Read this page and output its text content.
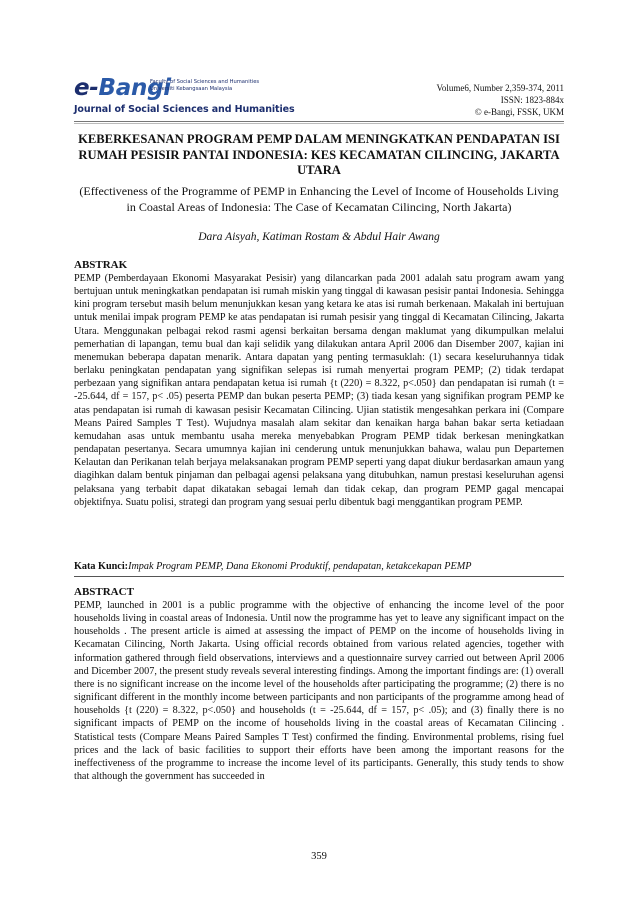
e-Bangi
Faculty of Social Sciences and Humanities
Universiti Kebangsaan Malaysia
Journal of Social Sciences and Humanities
Volume6, Number 2,359-374, 2011
ISSN: 1823-884x
© e-Bangi, FSSK, UKM
KEBERKESANAN PROGRAM PEMP DALAM MENINGKATKAN PENDAPATAN ISI RUMAH PESISIR PANTAI INDONESIA: KES KECAMATAN CILINCING, JAKARTA UTARA
(Effectiveness of the Programme of PEMP in Enhancing the Level of Income of Households Living in Coastal Areas of Indonesia: The Case of Kecamatan Cilincing, North Jakarta)
Dara Aisyah, Katiman Rostam & Abdul Hair Awang
ABSTRAK
PEMP (Pemberdayaan Ekonomi Masyarakat Pesisir) yang dilancarkan pada 2001 adalah satu program awam yang bertujuan untuk meningkatkan pendapatan isi rumah miskin yang tinggal di kawasan pesisir pantai Indonesia. Sehingga kini program tersebut masih belum menunjukkan kesan yang ketara ke atas isi rumah berkenaan. Makalah ini bertujuan untuk menilai impak program PEMP ke atas pendapatan isi rumah pesisir yang tinggal di Kecamatan Cilincing, Jakarta Utara. Menggunakan pelbagai rekod rasmi agensi berkaitan bersama dengan maklumat yang dikumpulkan melalui pemerhatian di lapangan, temu bual dan kaji selidik yang dilakukan antara April 2006 dan Disember 2007, kajian ini menemukan beberapa dapatan menarik. Antara dapatan yang penting termasuklah: (1) secara keseluruhannya tidak berlaku peningkatan pendapatan yang signifikan selepas isi rumah menyertai program PEMP; (2) tidak terdapat perbezaan yang signifikan antara pendapatan ketua isi rumah {t (220) = 8.322, p<.050} dan pendapatan isi rumah (t = -25.644, df = 157, p< .05) peserta PEMP dan bukan peserta PEMP; (3) tiada kesan yang signifikan program PEMP ke atas pendapatan isi rumah di kawasan pesisir Kecamatan Cilincing. Ujian statistik mengesahkan perkara ini (Compare Means Paired Samples T Test). Wujudnya masalah alam sekitar dan kenaikan harga bahan bakar serta ketiadaan kemudahan asas untuk membantu usaha mereka menyebabkan Program PEMP tidak berkesan meningkatkan pendapatan pesertanya. Secara umumnya kajian ini cenderung untuk menunjukkan bahawa, walau pun Departemen Kelautan dan Perikanan telah berjaya melaksanakan program PEMP seperti yang dapat diukur berdasarkan amaun yang diagihkan dalam bentuk pinjaman dan pelbagai agensi pelaksana yang ditubuhkan, namun prestasi keseluruhan agensi pelaksana yang terbabit dapat dikatakan sebagai lemah dan tidak cekap, dan program PEMP gagal mencapai objektifnya. Suatu polisi, strategi dan program yang sesuai perlu dibentuk bagi menggantikan program PEMP.
Kata Kunci:Impak Program PEMP, Dana Ekonomi Produktif, pendapatan, ketakcekapan PEMP
ABSTRACT
PEMP, launched in 2001 is a public programme with the objective of enhancing the income level of the poor households living in coastal areas of Indonesia. Until now the programme has yet to leave any significant impact on the households . The present article is aimed at assessing the impact of PEMP on the income of households living in Kecamatan Cilincing, North Jakarta. Using official records obtained from various related agencies, together with information gathered through field observations, interviews and a questionnaire survey carried out between April 2006 and Dicember 2007, the present study reveals several interesting findings. Among the important findings are: (1) overall there is no significant increase on the income level of the households after participating the programme; (2) there is no significant different in the monthly income between participants and non participants of the programme among head of households {t (220) = 8.322, p<.050} and households (t = -25.644, df = 157, p< .05); and (3) finally there is no significant impacts of PEMP on the income of households living in the coastal areas of Kecamatan Cilincing . Statistical tests (Compare Means Paired Samples T Test) confirmed the finding. Environmental problems, rising fuel prices and the lack of basic facilities to support their efforts have been among the important reasons for the ineffectiveness of the programme to increase the income level of its participants. Generally, this study tends to show that although the government has succeeded in
359
